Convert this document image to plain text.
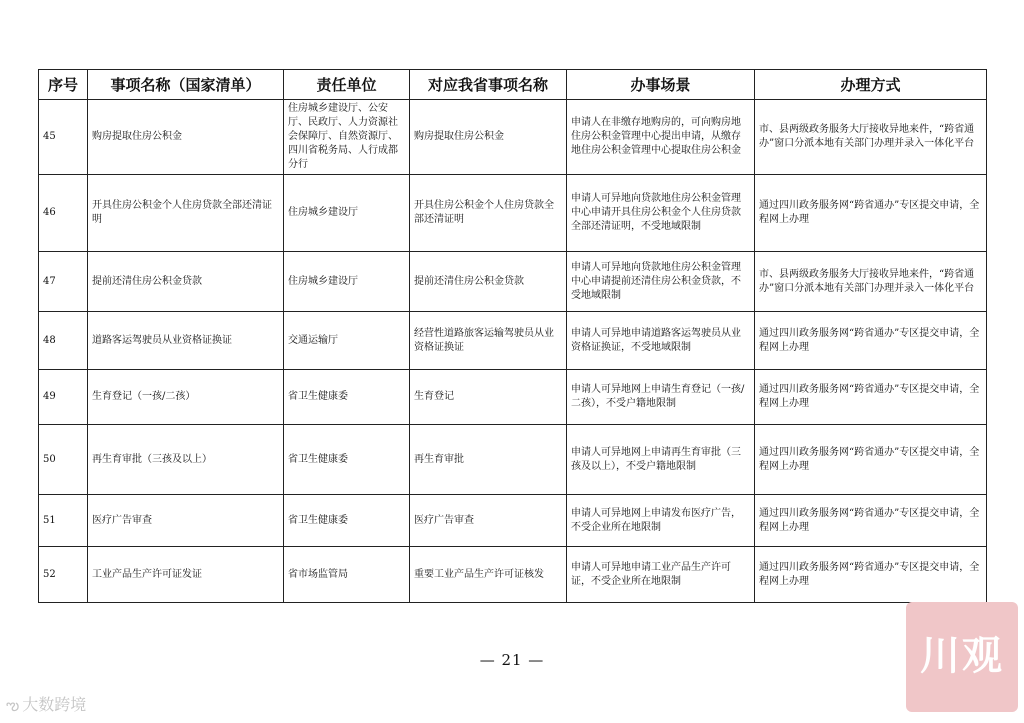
序号	事项名称（国家清单）	责任单位	对应我省事项名称	办事场景	办理方式
45	购房提取住房公积金	住房城乡建设厅、公安厅、民政厅、人力资源社会保障厅、自然资源厅、四川省税务局、人行成都分行	购房提取住房公积金	申请人在非缴存地购房的，可向购房地住房公积金管理中心提出申请，从缴存地住房公积金管理中心提取住房公积金	市、县两级政务服务大厅接收异地来件，“跨省通办”窗口分派本地有关部门办理并录入一体化平台
46	开具住房公积金个人住房贷款全部还清证明	住房城乡建设厅	开具住房公积金个人住房贷款全部还清证明	申请人可异地向贷款地住房公积金管理中心申请开具住房公积金个人住房贷款全部还清证明，不受地域限制	通过四川政务服务网“跨省通办”专区提交申请，全程网上办理
47	提前还清住房公积金贷款	住房城乡建设厅	提前还清住房公积金贷款	申请人可异地向贷款地住房公积金管理中心申请提前还清住房公积金贷款，不受地域限制	市、县两级政务服务大厅接收异地来件，“跨省通办”窗口分派本地有关部门办理并录入一体化平台
48	道路客运驾驶员从业资格证换证	交通运输厅	经营性道路旅客运输驾驶员从业资格证换证	申请人可异地申请道路客运驾驶员从业资格证换证，不受地域限制	通过四川政务服务网“跨省通办”专区提交申请，全程网上办理
49	生育登记（一孩/二孩）	省卫生健康委	生育登记	申请人可异地网上申请生育登记（一孩/二孩），不受户籍地限制	通过四川政务服务网“跨省通办”专区提交申请，全程网上办理
50	再生育审批（三孩及以上）	省卫生健康委	再生育审批	申请人可异地网上申请再生育审批（三孩及以上），不受户籍地限制	通过四川政务服务网“跨省通办”专区提交申请，全程网上办理
51	医疗广告审查	省卫生健康委	医疗广告审查	申请人可异地网上申请发布医疗广告，不受企业所在地限制	通过四川政务服务网“跨省通办”专区提交申请，全程网上办理
52	工业产品生产许可证发证	省市场监管局	重要工业产品生产许可证核发	申请人可异地申请工业产品生产许可证，不受企业所在地限制	通过四川政务服务网“跨省通办”专区提交申请，全程网上办理
— 21 —
ఌ 大数跨境
川观
